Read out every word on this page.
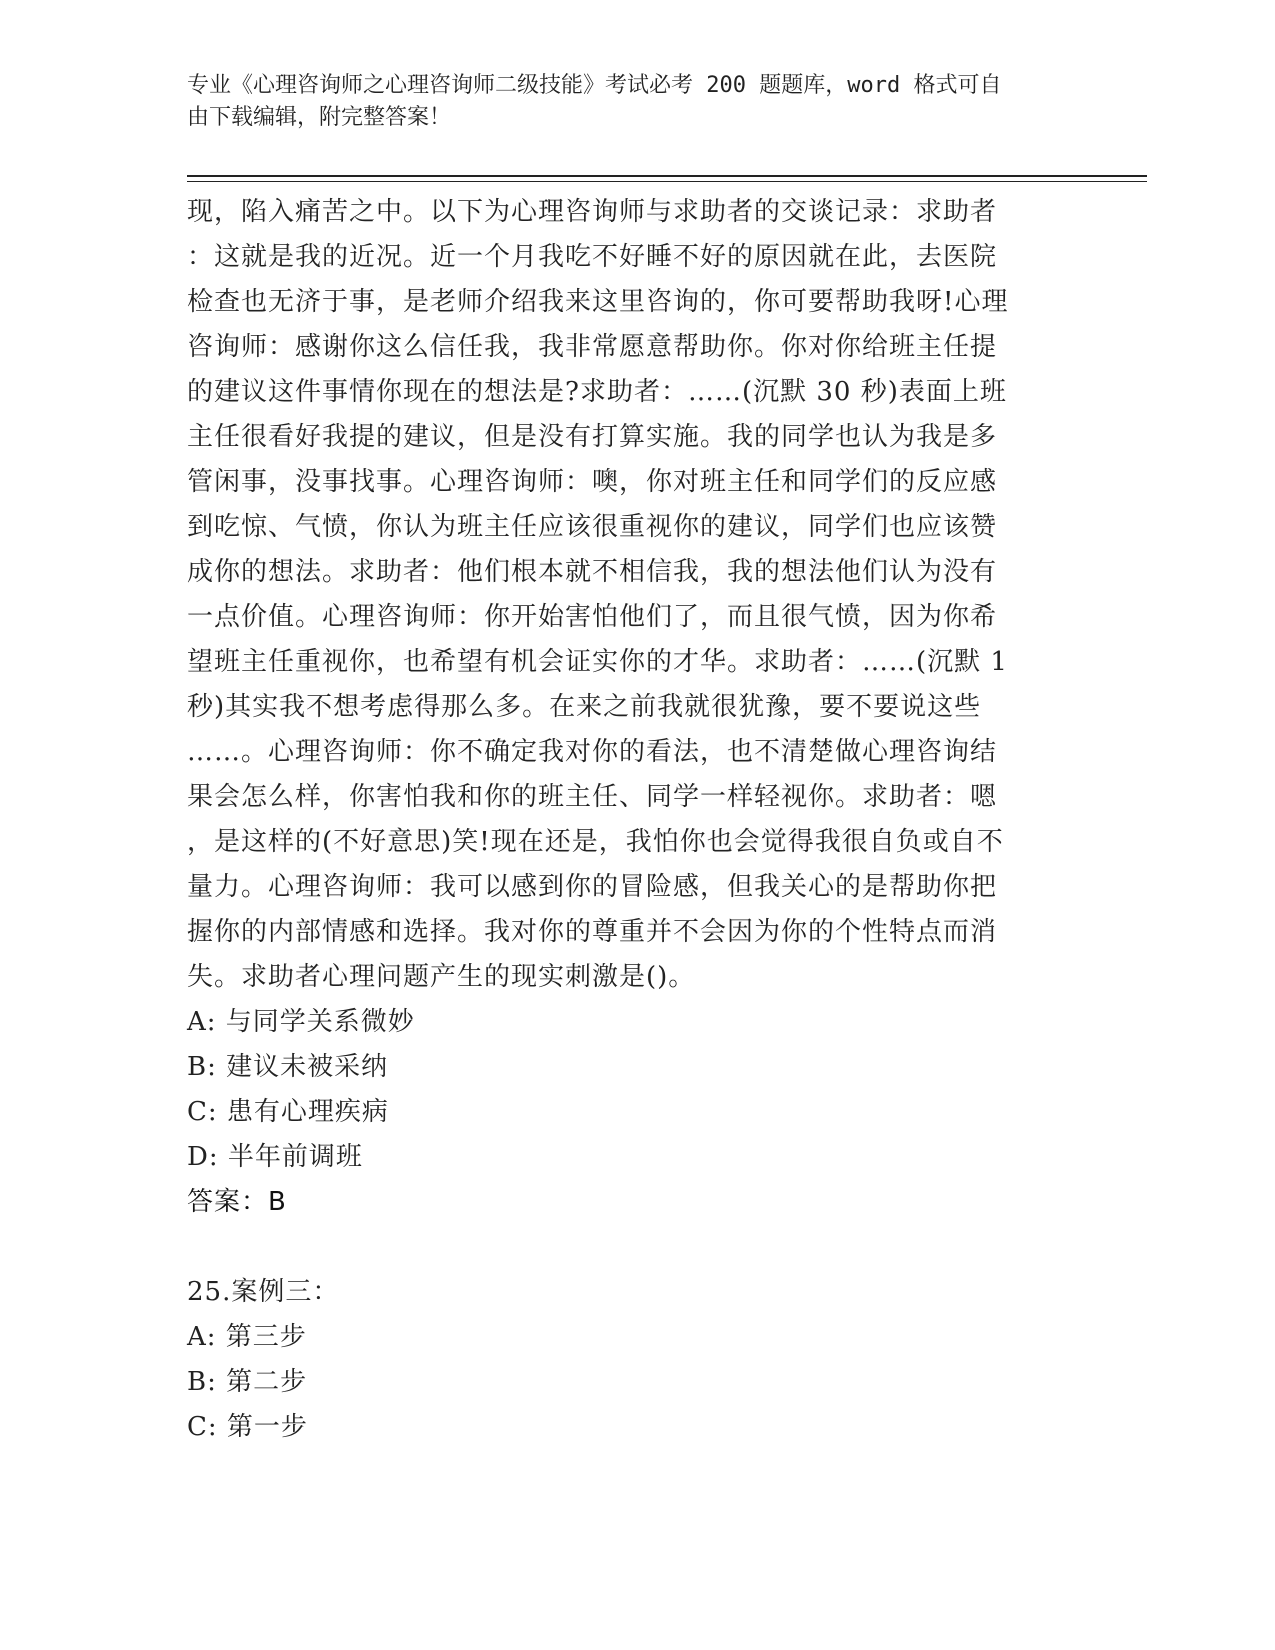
专业《心理咨询师之心理咨询师二级技能》考试必考 200 题题库，word 格式可自
由下载编辑，附完整答案！
现，陷入痛苦之中。以下为心理咨询师与求助者的交谈记录：求助者
：这就是我的近况。近一个月我吃不好睡不好的原因就在此，去医院
检查也无济于事，是老师介绍我来这里咨询的，你可要帮助我呀!心理
咨询师：感谢你这么信任我，我非常愿意帮助你。你对你给班主任提
的建议这件事情你现在的想法是?求助者：……(沉默 30 秒)表面上班
主任很看好我提的建议，但是没有打算实施。我的同学也认为我是多
管闲事，没事找事。心理咨询师：噢，你对班主任和同学们的反应感
到吃惊、气愤，你认为班主任应该很重视你的建议，同学们也应该赞
成你的想法。求助者：他们根本就不相信我，我的想法他们认为没有
一点价值。心理咨询师：你开始害怕他们了，而且很气愤，因为你希
望班主任重视你，也希望有机会证实你的才华。求助者：……(沉默 1
秒)其实我不想考虑得那么多。在来之前我就很犹豫，要不要说这些
……。心理咨询师：你不确定我对你的看法，也不清楚做心理咨询结
果会怎么样，你害怕我和你的班主任、同学一样轻视你。求助者：嗯
，是这样的(不好意思)笑!现在还是，我怕你也会觉得我很自负或自不
量力。心理咨询师：我可以感到你的冒险感，但我关心的是帮助你把
握你的内部情感和选择。我对你的尊重并不会因为你的个性特点而消
失。求助者心理问题产生的现实刺激是()。
A: 与同学关系微妙
B: 建议未被采纳
C: 患有心理疾病
D: 半年前调班
答案：B
25.案例三：
A: 第三步
B: 第二步
C: 第一步
